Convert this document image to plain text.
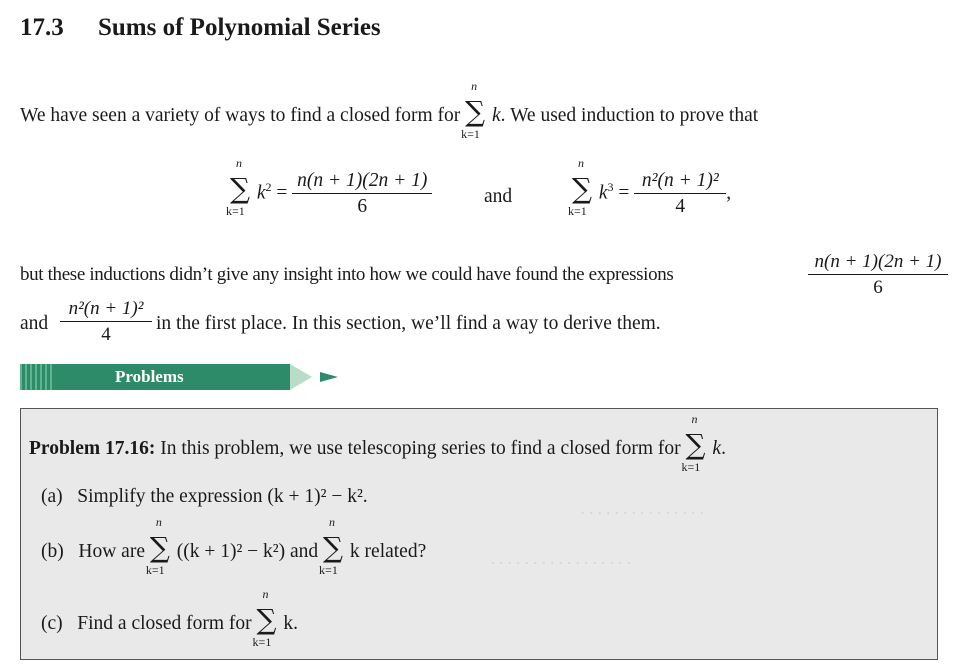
17.3 Sums of Polynomial Series
We have seen a variety of ways to find a closed form for
n
∑
k=1
k. We used induction to prove that
n
∑
k=1
$k^2 = \frac{n(n + 1)(2n + 1)}{6}$	and
n
∑
k=1
$k^3 = \frac{\text{n²(n + 1)²}}{4}$ ,
but these inductions didn’t give any insight into how we could have found the expressions	$\frac{n(n + 1)(2n + 1)}{6}$
and $\frac{\text{n²(n + 1)²}}{4}$ in the first place. In this section, we’ll find a way to derive them.
Problems
. . . . . . . . . . . . . . .
. . . . . . . . . . . . . . . . .
Problem 17.16: In this problem, we use telescoping series to find a closed form for
n
∑
k=1
k.
(a) Simplify the expression (k + 1)² − k².
(b) How are
n
∑
k=1
((k + 1)² − k²) and
n
∑
k=1
k related?
(c) Find a closed form for
n
∑
k=1
k.
